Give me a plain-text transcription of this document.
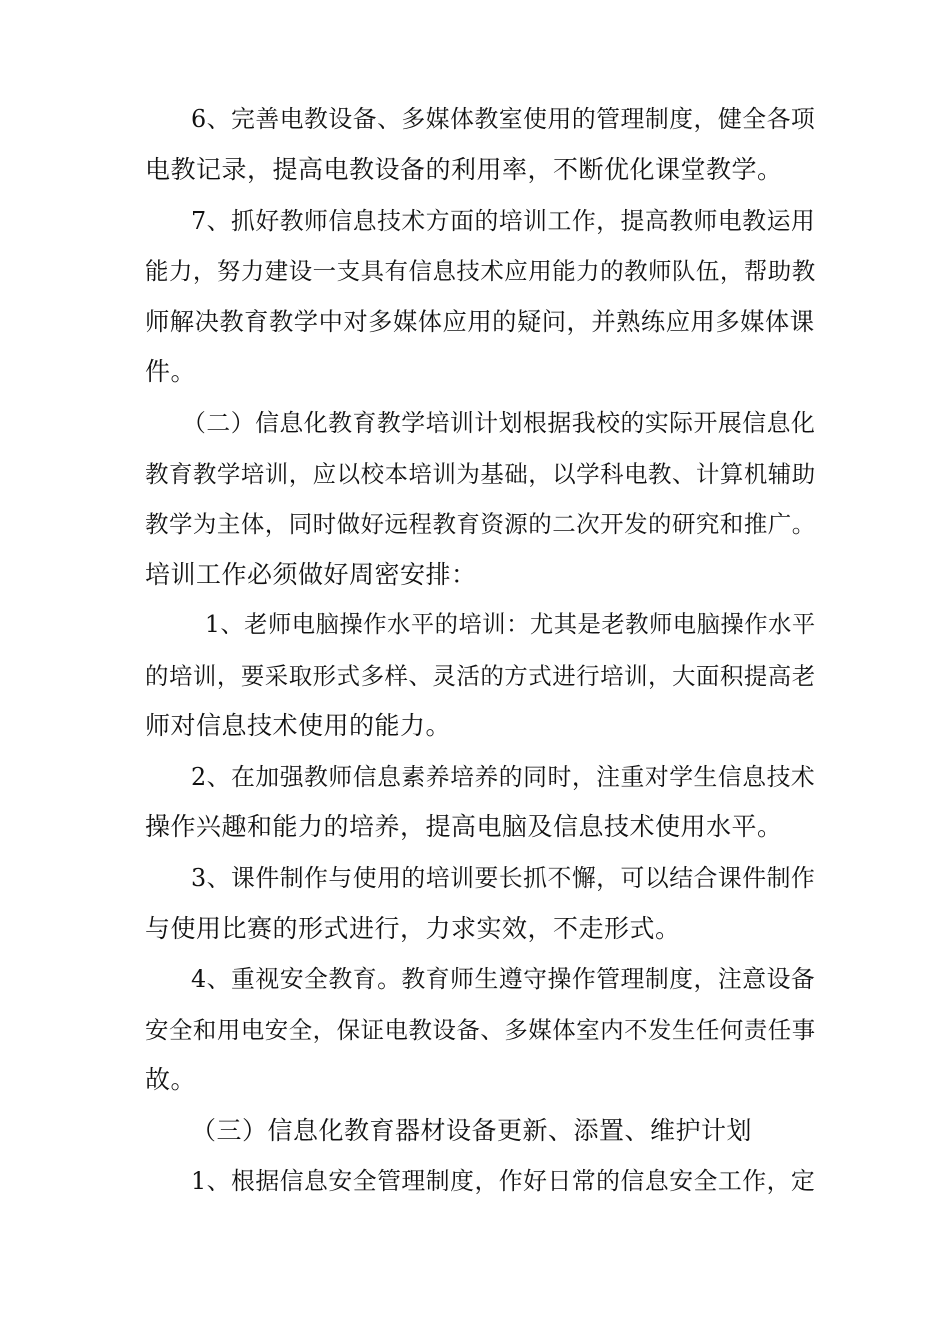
6、完善电教设备、多媒体教室使用的管理制度，健全各项
电教记录，提高电教设备的利用率，不断优化课堂教学。
7、抓好教师信息技术方面的培训工作，提高教师电教运用
能力，努力建设一支具有信息技术应用能力的教师队伍，帮助教
师解决教育教学中对多媒体应用的疑问，并熟练应用多媒体课
件。
（二）信息化教育教学培训计划根据我校的实际开展信息化
教育教学培训，应以校本培训为基础，以学科电教、计算机辅助
教学为主体，同时做好远程教育资源的二次开发的研究和推广。
培训工作必须做好周密安排：
1、老师电脑操作水平的培训：尤其是老教师电脑操作水平
的培训，要采取形式多样、灵活的方式进行培训，大面积提高老
师对信息技术使用的能力。
2、在加强教师信息素养培养的同时，注重对学生信息技术
操作兴趣和能力的培养，提高电脑及信息技术使用水平。
3、课件制作与使用的培训要长抓不懈，可以结合课件制作
与使用比赛的形式进行，力求实效，不走形式。
4、重视安全教育。教育师生遵守操作管理制度，注意设备
安全和用电安全，保证电教设备、多媒体室内不发生任何责任事
故。
（三）信息化教育器材设备更新、添置、维护计划
1、根据信息安全管理制度，作好日常的信息安全工作，定
